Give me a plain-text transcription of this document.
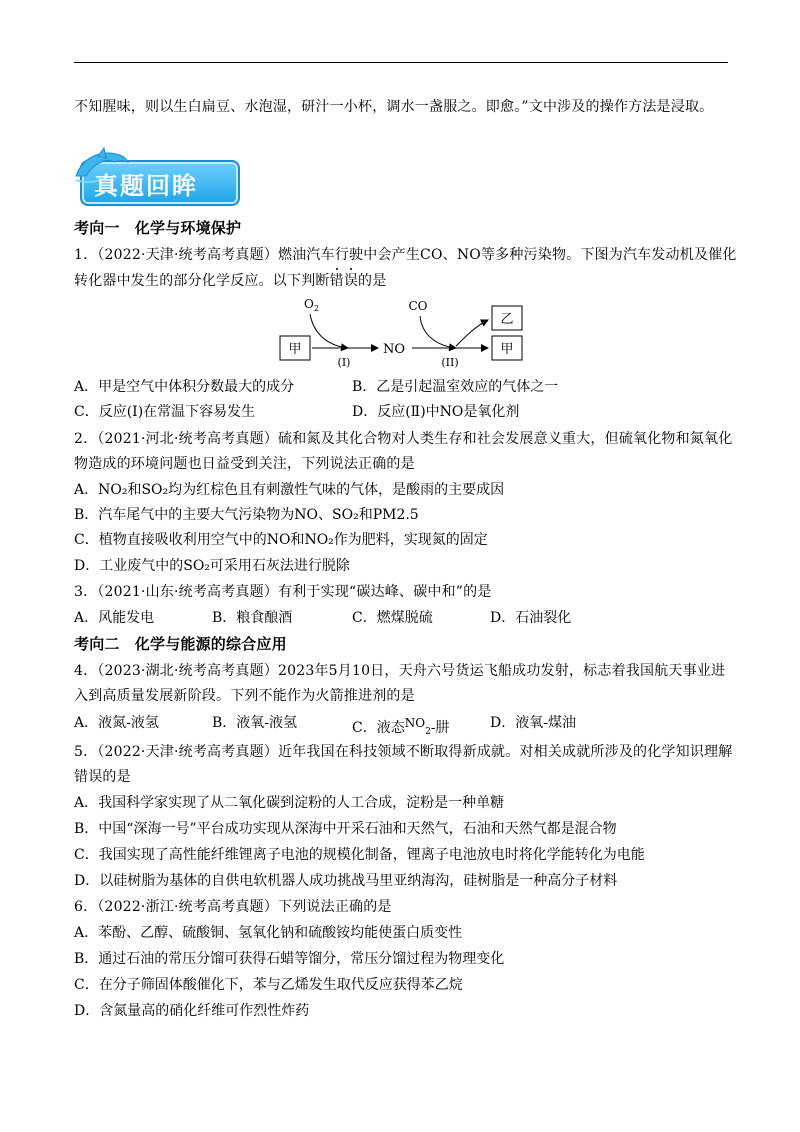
不知腥味，则以生白扁豆、水泡湿，研汁一小杯，调水一盏服之。即愈。”文中涉及的操作方法是浸取。
真题回眸
考向一　化学与环境保护
1．（2022·天津·统考高考真题）燃油汽车行驶中会产生CO、NO等多种污染物。下图为汽车发动机及催化
转化器中发生的部分化学反应。以下判断
错
误的是
甲
$O_2$
(I)
NO
CO
(II)
乙
甲
A．甲是空气中体积分数最大的成分	B．乙是引起温室效应的气体之一
C．反应(Ⅰ)在常温下容易发生	D．反应(Ⅱ)中NO是氧化剂
2．（2021·河北·统考高考真题）硫和氮及其化合物对人类生存和社会发展意义重大，但硫氧化物和氮氧化
物造成的环境问题也日益受到关注，下列说法正确的是
A．NO₂和SO₂均为红棕色且有刺激性气味的气体，是酸雨的主要成因
B．汽车尾气中的主要大气污染物为NO、SO₂和PM2.5
C．植物直接吸收利用空气中的NO和NO₂作为肥料，实现氮的固定
D．工业废气中的SO₂可采用石灰法进行脱除
3．（2021·山东·统考高考真题）有利于实现“碳达峰、碳中和”的是
A．风能发电	B．粮食酿酒	C．燃煤脱硫	D．石油裂化
考向二　化学与能源的综合应用
4．（2023·湖北·统考高考真题）2023年5月10日，天舟六号货运飞船成功发射，标志着我国航天事业进
入到高质量发展新阶段。下列不能作为火箭推进剂的是
A．液氮-液氢	B．液氧-液氢	C．液态$NO_2-$肼	D．液氧-煤油
5．（2022·天津·统考高考真题）近年我国在科技领域不断取得新成就。对相关成就所涉及的化学知识理解
错误的是
A．我国科学家实现了从二氧化碳到淀粉的人工合成，淀粉是一种单糖
B．中国“深海一号”平台成功实现从深海中开采石油和天然气，石油和天然气都是混合物
C．我国实现了高性能纤维锂离子电池的规模化制备，锂离子电池放电时将化学能转化为电能
D．以硅树脂为基体的自供电软机器人成功挑战马里亚纳海沟，硅树脂是一种高分子材料
6．（2022·浙江·统考高考真题）下列说法正确的是
A．苯酚、乙醇、硫酸铜、氢氧化钠和硫酸铵均能使蛋白质变性
B．通过石油的常压分馏可获得石蜡等馏分，常压分馏过程为物理变化
C．在分子筛固体酸催化下，苯与乙烯发生取代反应获得苯乙烷
D．含氮量高的硝化纤维可作烈性炸药
